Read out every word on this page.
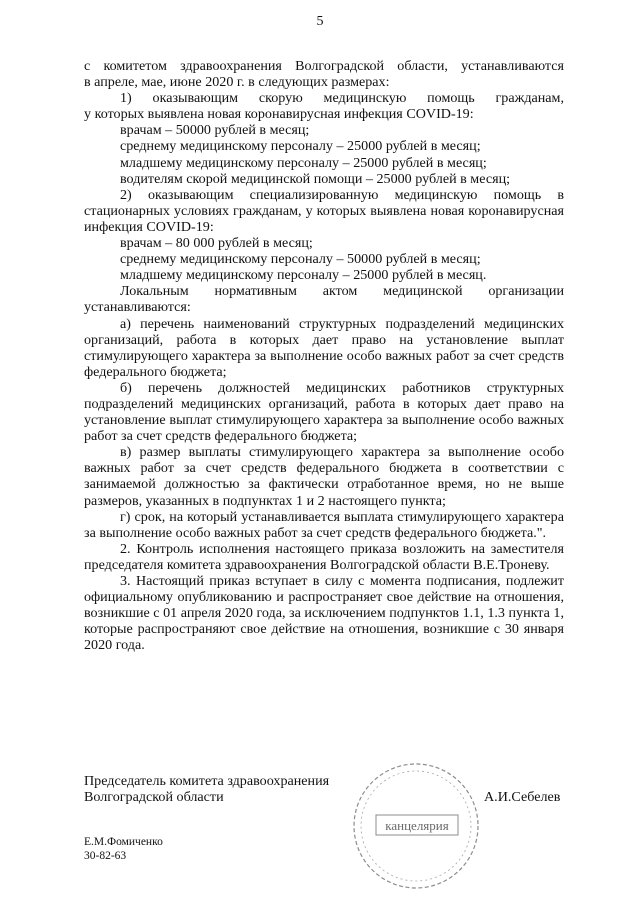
5

с комитетом здравоохранения Волгоградской области, устанавливаются

в апреле, мае, июне 2020 г. в следующих размерах:

1) оказывающим скорую медицинскую помощь гражданам,

у которых выявлена новая коронавирусная инфекция COVID-19:

врачам – 50000 рублей в месяц;

среднему медицинскому персоналу – 25000 рублей в месяц;

младшему медицинскому персоналу – 25000 рублей в месяц;

водителям скорой медицинской помощи – 25000 рублей в месяц;

2) оказывающим специализированную медицинскую помощь в стационарных условиях гражданам, у которых выявлена новая коронавирусная инфекция COVID-19:

врачам – 80 000 рублей в месяц;

среднему медицинскому персоналу – 50000 рублей в месяц;

младшему медицинскому персоналу – 25000 рублей в месяц.

Локальным нормативным актом медицинской организации устанавливаются:

а) перечень наименований структурных подразделений медицинских организаций, работа в которых дает право на установление выплат стимулирующего характера за выполнение особо важных работ за счет средств федерального бюджета;

б) перечень должностей медицинских работников структурных подразделений медицинских организаций, работа в которых дает право на установление выплат стимулирующего характера за выполнение особо важных работ за счет средств федерального бюджета;

в) размер выплаты стимулирующего характера за выполнение особо важных работ за счет средств федерального бюджета в соответствии с занимаемой должностью за фактически отработанное время, но не выше размеров, указанных в подпунктах 1 и 2 настоящего пункта;

г) срок, на который устанавливается выплата стимулирующего характера за выполнение особо важных работ за счет средств федерального бюджета.".

2. Контроль исполнения настоящего приказа возложить на заместителя председателя комитета здравоохранения Волгоградской области В.Е.Троневу.

3. Настоящий приказ вступает в силу с момента подписания, подлежит официальному опубликованию и распространяет свое действие на отношения, возникшие с 01 апреля 2020 года, за исключением подпунктов 1.1, 1.3 пункта 1, которые распространяют свое действие на отношения, возникшие с 30 января 2020 года.

Председатель комитета здравоохранения
Волгоградской области
канцелярия
А.И.Себелев
Е.М.Фомиченко
30-82-63
